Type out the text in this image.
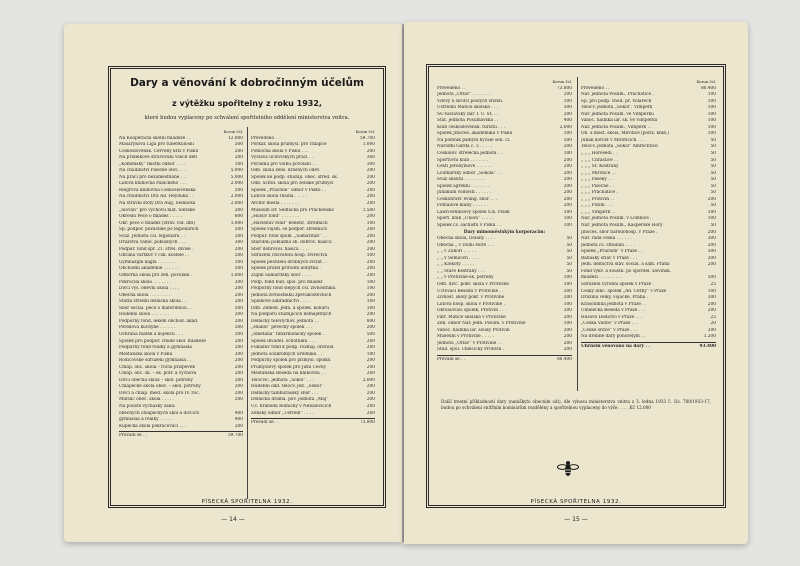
Dary a věnování k dobročinným účelům
z výtěžku spořitelny z roku 1932,
které budou vyplaceny po schválení spořitelního oddělení ministerstva vnitra.
Korun čsl.
Na Kooperační školní mládeže . .	12.000
Masarykova Liga pro tuberkulosní	500
Československ. Červený kříž v Písku	200
Na přídělkové stravování všech dětí	200
„Komenský“ místní odbor . . . .	100
Na chudinství Písecké obci . . .	5.000
Na práci pro nezaměstnané . . .	5.000
Lidová knihovna Palackého . . .	2.000
Riegrova knihovna Československá	500
Na chudinství Dra Ad. Heyduka . .	2.000
Na stravní stoly Dra Aug. Sedláčka	2.000
„Slovan“ pro výchovu mat. Slezské	200
Okresní Péče o mládež . . . . .	600
Okr. péče o mládež (stráv. vid. dítí)	1.000
Sp. podpor. pozůstalé po legionářích	500
Sváz. Jednota čsl. legionářů . .	200
Družstva valné. pokusných . . .	300
Podpůr. fond spr. 21. střel. divise .	200
Obrana vartkuv v čsk. kostele . .	500
Gymnazijní kagla . . . . . . .	100
Obchodní akademie . . . . . .	500
Odborná škola pro žen. povolání .	1.000
Pokročilá škola . . . . . . .	200
Dívčí vyš. oděvní škola . . . .	200
Obecná škola . . . . . . . .	200
Státní střední lesnická škola . .	200
Sbor sociál. péče o mateřínnou . .	500
Hodební škola . . . . . . .	200
Podporný fond, lékem obchod. akad.	200
Pořekova kuchyně . . . . . .	300
Ochrana matek a kojenců . . .	300
Spolek pro podpor. chudé škol. mládeže	200
Podpůrný fond reálky a gymnasia	200
Měšťanská škola v Písku	200
Rodičovské sdružení gymnasia . .	200
Chlap. obč. škola – roční příspěvek	200
Chlap. obč. šk. – šk. potř. a výchova	200
Dívčí obecná škola – škol. potřeby	200
Chlapecké škola obec. – škol. potřeby	200
Dívčí a chlap. měšť. škola pro IV. roč.	200
Můrinc obec. škola . . . . .	200
Na pouště vycházky žáků:
obecných chlapeckých škol a dívčích	400
gymnasia a reálky . . . . .	400
Kupecká škola pokračovací . . .	200
Převádí se . .	59.700
Korun čsl.
Převedeno . .	59.700
Pořkař. škola průmysl. pro chlapce	1.000
Pomocná škola v Písku . . .	200
Výstava učitovských prací . .	300
Poradna pro volbu povolání . .	300
Odb. škola žens. krásných oděv.	200
Spolek ke podp. studují. obec. střed. šk.	200
Odb. učitel. škola pro ženské průmysl	200
Spolek „Práchně“ odbor v Písku . .	200
Lidová škola Olšína . . . . .	200
Archiv města . . . . . . .	200
Museum Dr. Sedláčka pro Prácheňsko	1.500
„Husův fond“ . . . . . . .	200
„Havlenův fond“ beneﬁc. středních	100
Spolek vojsm. se podpor. středních	200
Podpůr. fond spolk. „Samaritán“ . .	200
Starobní pokladna sb. dobrov. hasičů	200
Sbor dobrovol. hasičů . . . .	200
Sdružení chovatelů hosp. zvířectva	100
Spolek pěstitelů drobných zvířat . .	200
Spolek přátel přírodní dobytka .	200
Župní Samaritský sbor . . . .	200
Podp. fond bud. spol. pro mládež	100
Podporný fond slepých čsl. živnostníků	100
Jednota živnostníků zpěvákostevních	200
Spolkové zahradnictví . . . .	100
Odb. Zeměd. Jedn. a spolek. konářů	100
Na podporu studujících nemajetných	200
Dělnický tělovýchov. jednota . .	800
„Hlahol“ pěvecký spolek . . .	200
„Smetana“ filharmonický spolek .	500
Spolek divadel. ochotníků . . .	200
Fukádův fond k podp. rozmaj. obchod.	200
Jednota soukromých úředníků . .	100
Podpůrný spolek pro přímýsl. spolku	200
Průmyslový spolek pro Jižní Čechy	200
Měšťanská Beseda na knihovnu . .	200
Tělocvič. jednota „Sokol“ . . .	2.000
Hudební odd. tělocv. jed. „Sokol“	200
Dělnický tamburašský sbor . . .	200
Dělnická drama. pěv. jednota „Máj“	200
Úč. hraběda Rolnický v Nebalovicích	200
Ženský odbor „Ústředí“ . . . .	200
Převádí se . .	73.800
PÍSECKÁ SPOŘITELNA 1932.
— 14 —
Korun čsl.
Převedeno . .	73.800
Jednota „Orlav“ . . . . . . .	200
Vdovy a sirotci pošlých zřízen.	100
Ústřední Matice školská . . .	300
Sv.-Václavský dar T. U. St. . .	200
Stát. jednota Pošumavská . .	400
Klub československ. turistů . . .	2.000
Spolek Jihočes. akademiků v Písku	100
Na pomník padlým bývalé šen. čl.	500
Národní Garda č. 5 . . . . .	200
Českolov. střelecká jednota . .	100
Sportovní klub . . . . . . .	200
Čeští Jeronýmové . . . . . .	200
Loutkářský odbor „Sokola“ . .	200
Svaz skautů . . . . . . . .	200
Spolek agrekní . . . . . . .	200
Junákům volnosti . . . . . .	200
Českobratr. evang. sbor . . .	200
Fotbalové kluby . . . . . .	200
Lawn-tennisový spolek S.K. Písek	100
Sport. klub „Union“ . . . . .	100
Spolek čs. šachistů v Písku . .	100
Dary mimoměstským korporacím:
Obecná škola, Dolany . . . .	50
Obecná „ v Dolní Hoře . . .	50
„ „ v Záhoří . . . . .	50
„ „ v Semicích . . . .	50
„ „ Klokoty . . . . .	50
„ „ Staré Kestřany . . .	50
„ „ v Protivíně-šk. potřeby	100
Odb. dívč. pokr. škola v Protivíně	100
Účtovací Beseda v Protivíně . .	200
Živnost. školy pokr. v Protivíně	200
Lidová hosp. škola v Protivíně .	100
Okrašlovací spolek, Protivín . .	200
Fatr. Matice školská v Protivíně	200
Žen. odbor Nár. jedn. Pošum. v Protivíně	100
Vánoč. nadílka lar. soudy Protivín	200
Museum v Protivíně . . . . .	200
Jednota „Orlav“ v Protivíně . .	200
Stud. spol. Chelčický Protivín .	200
Převádí se . .	80.400
Korun čsl.
Převedeno . .	80.400
Nár. jednota Pošum., Prachatice .	100
Sp. pro podp. chud. pr. Volarech	100
Tělocv. jednota „Sokol“, Vimperk	100
Nár. jednota Pošum. ve Vimperku	100
Vánoč. nadílka lar. šk. ve Vimperku	100
Nár. jednota Pošum., Vimperk . .	100
Ob. a měšť. škola, Mirotice (pořiz. knih.)	100
Junák dorost v Miroticích . . .	50
Tělocv. jednota „Sokol“ Albrechtice	50
„ „ „ Hořesedí . .	50
„ „ „ Chraštice . .	50
„ „ „ St. Kestřany	50
„ „ „ Mirotice . .	50
„ „ „ Paseky . .	50
„ „ „ Písečné . .	50
„ „ „ Prachatice .	50
„ „ „ Protivín . .	200
„ „ „ Putim . . .	50
„ „ „ Vimperk . .	100
Nár. jednota Pošum. v Lomnice .	100
Nár. jednota Pošum., Kašperské Hory	50
Jihočes. sbor národohosp. v Praze .	200
Nár. rada česká . . . . . .	300
Jednota čs. stťádalů . . . .	200
Spolek „Prácheň“ v Praze . .	300
Babušky šrlav v Praze . . .	200
Jedn. dělnictva stav. sociál. a sám. Praha	200
Fond výkv. a soustk. po spořitel. slovinsk.
mládeži . . . . . . . . .	500
Sdružení výrobní spolek v Praze .	25
Český lidíc. spolek „Ad. Černý“ v Praze	100
Družina velký, vojácké, Praha .	300
Krasoumná jednota v Praze . .	200
Umělecká Beseda v Praze . . .	200
Husovo Dědictví v Praze . . .	25
„Česká Vádcě“ v Praze . . .	20
„České srdce“ v Praze . . .	200
Na drobné dary pohořelým . .	1.200
Úhrnem věnováno na dary . .	93.400
Další trestní příkladnosti dary (naniškyto obecním síti), dle výnosu ministerstva vnitra z 3. ledna 1933 č. čís. 780/1933-17, budou po schválení vnitřním komisárům rozdělény a spořitelnou vyplaceny do výše . . . . Kč 12.000
PÍSECKÁ SPOŘITELNA 1932.
— 15 —
